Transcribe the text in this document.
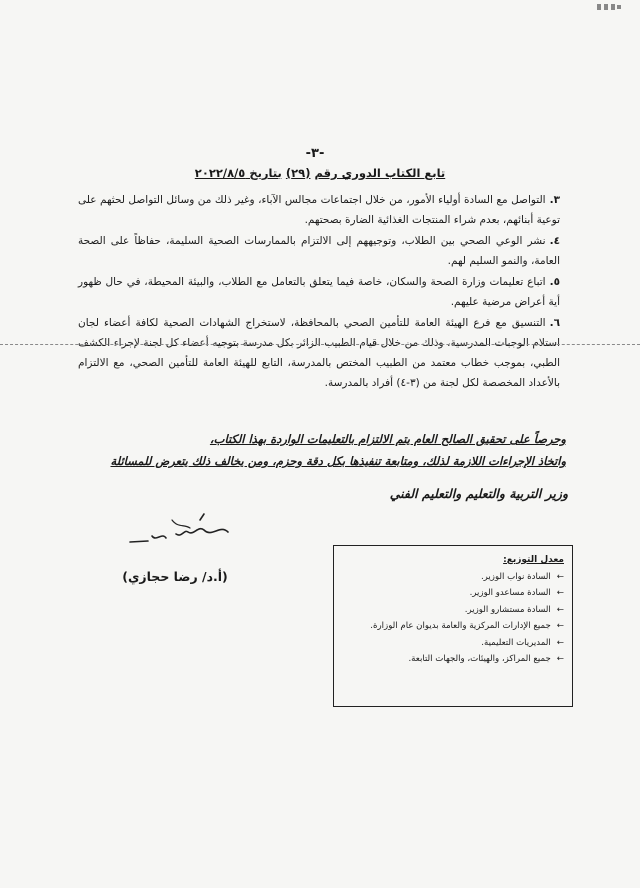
-٣-
تابع الكتاب الدوري رقم (٢٩) بتاريخ ٢٠٢٢/٨/٥
٣.التواصل مع السادة أولياء الأمور، من خلال اجتماعات مجالس الآباء، وغير ذلك من وسائل التواصل لحثهم على توعية أبنائهم، بعدم شراء المنتجات الغذائية الضارة بصحتهم.
٤.نشر الوعي الصحي بين الطلاب، وتوجيههم إلى الالتزام بالممارسات الصحية السليمة، حفاظاً على الصحة العامة، والنمو السليم لهم.
٥.اتباع تعليمات وزارة الصحة والسكان، خاصة فيما يتعلق بالتعامل مع الطلاب، والبيئة المحيطة، في حال ظهور أية أعراض مرضية عليهم.
٦.التنسيق مع فرع الهيئة العامة للتأمين الصحي بالمحافظة، لاستخراج الشهادات الصحية لكافة أعضاء لجان استلام الوجبات المدرسية، وذلك من خلال قيام الطبيب الزائر بكل مدرسة بتوجيه أعضاء كل لجنة لإجراء الكشف الطبي، بموجب خطاب معتمد من الطبيب المختص بالمدرسة، التابع للهيئة العامة للتأمين الصحي، مع الالتزام بالأعداد المخصصة لكل لجنة من (٣-٤) أفراد بالمدرسة.
وحرصاً على تحقيق الصالح العام يتم الالتزام بالتعليمات الواردة بهذا الكتاب،
واتخاذ الإجراءات اللازمة لذلك، ومتابعة تنفيذها بكل دقة وحزم، ومن يخالف ذلك يتعرض للمسائلة
وزير التربية والتعليم والتعليم الفني
(أ.د/ رضا حجازي)
معدل التوزيع:
←السادة نواب الوزير.
←السادة مساعدو الوزير.
←السادة مستشارو الوزير.
←جميع الإدارات المركزية والعامة بديوان عام الوزارة.
←المديريات التعليمية.
←جميع المراكز، والهيئات، والجهات التابعة.
